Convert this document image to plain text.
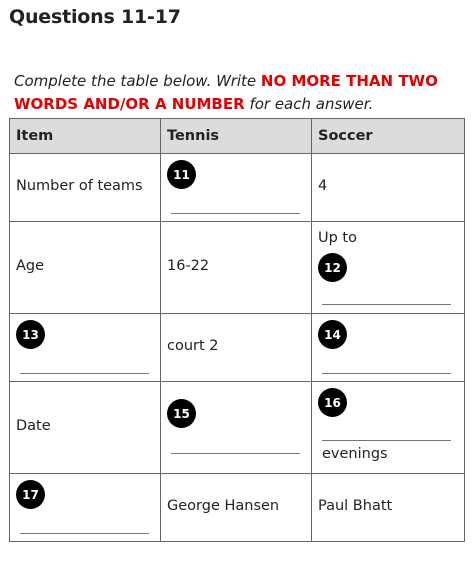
Questions 11-17

Complete the table below. Write NO MORE THAN TWO WORDS AND/OR A NUMBER for each answer.

Item	Tennis	Soccer

Number of teams	11	4

Age	16-22	Up to
12

13	court 2	14

Date	15	16
evenings

17	George Hansen	Paul Bhatt
